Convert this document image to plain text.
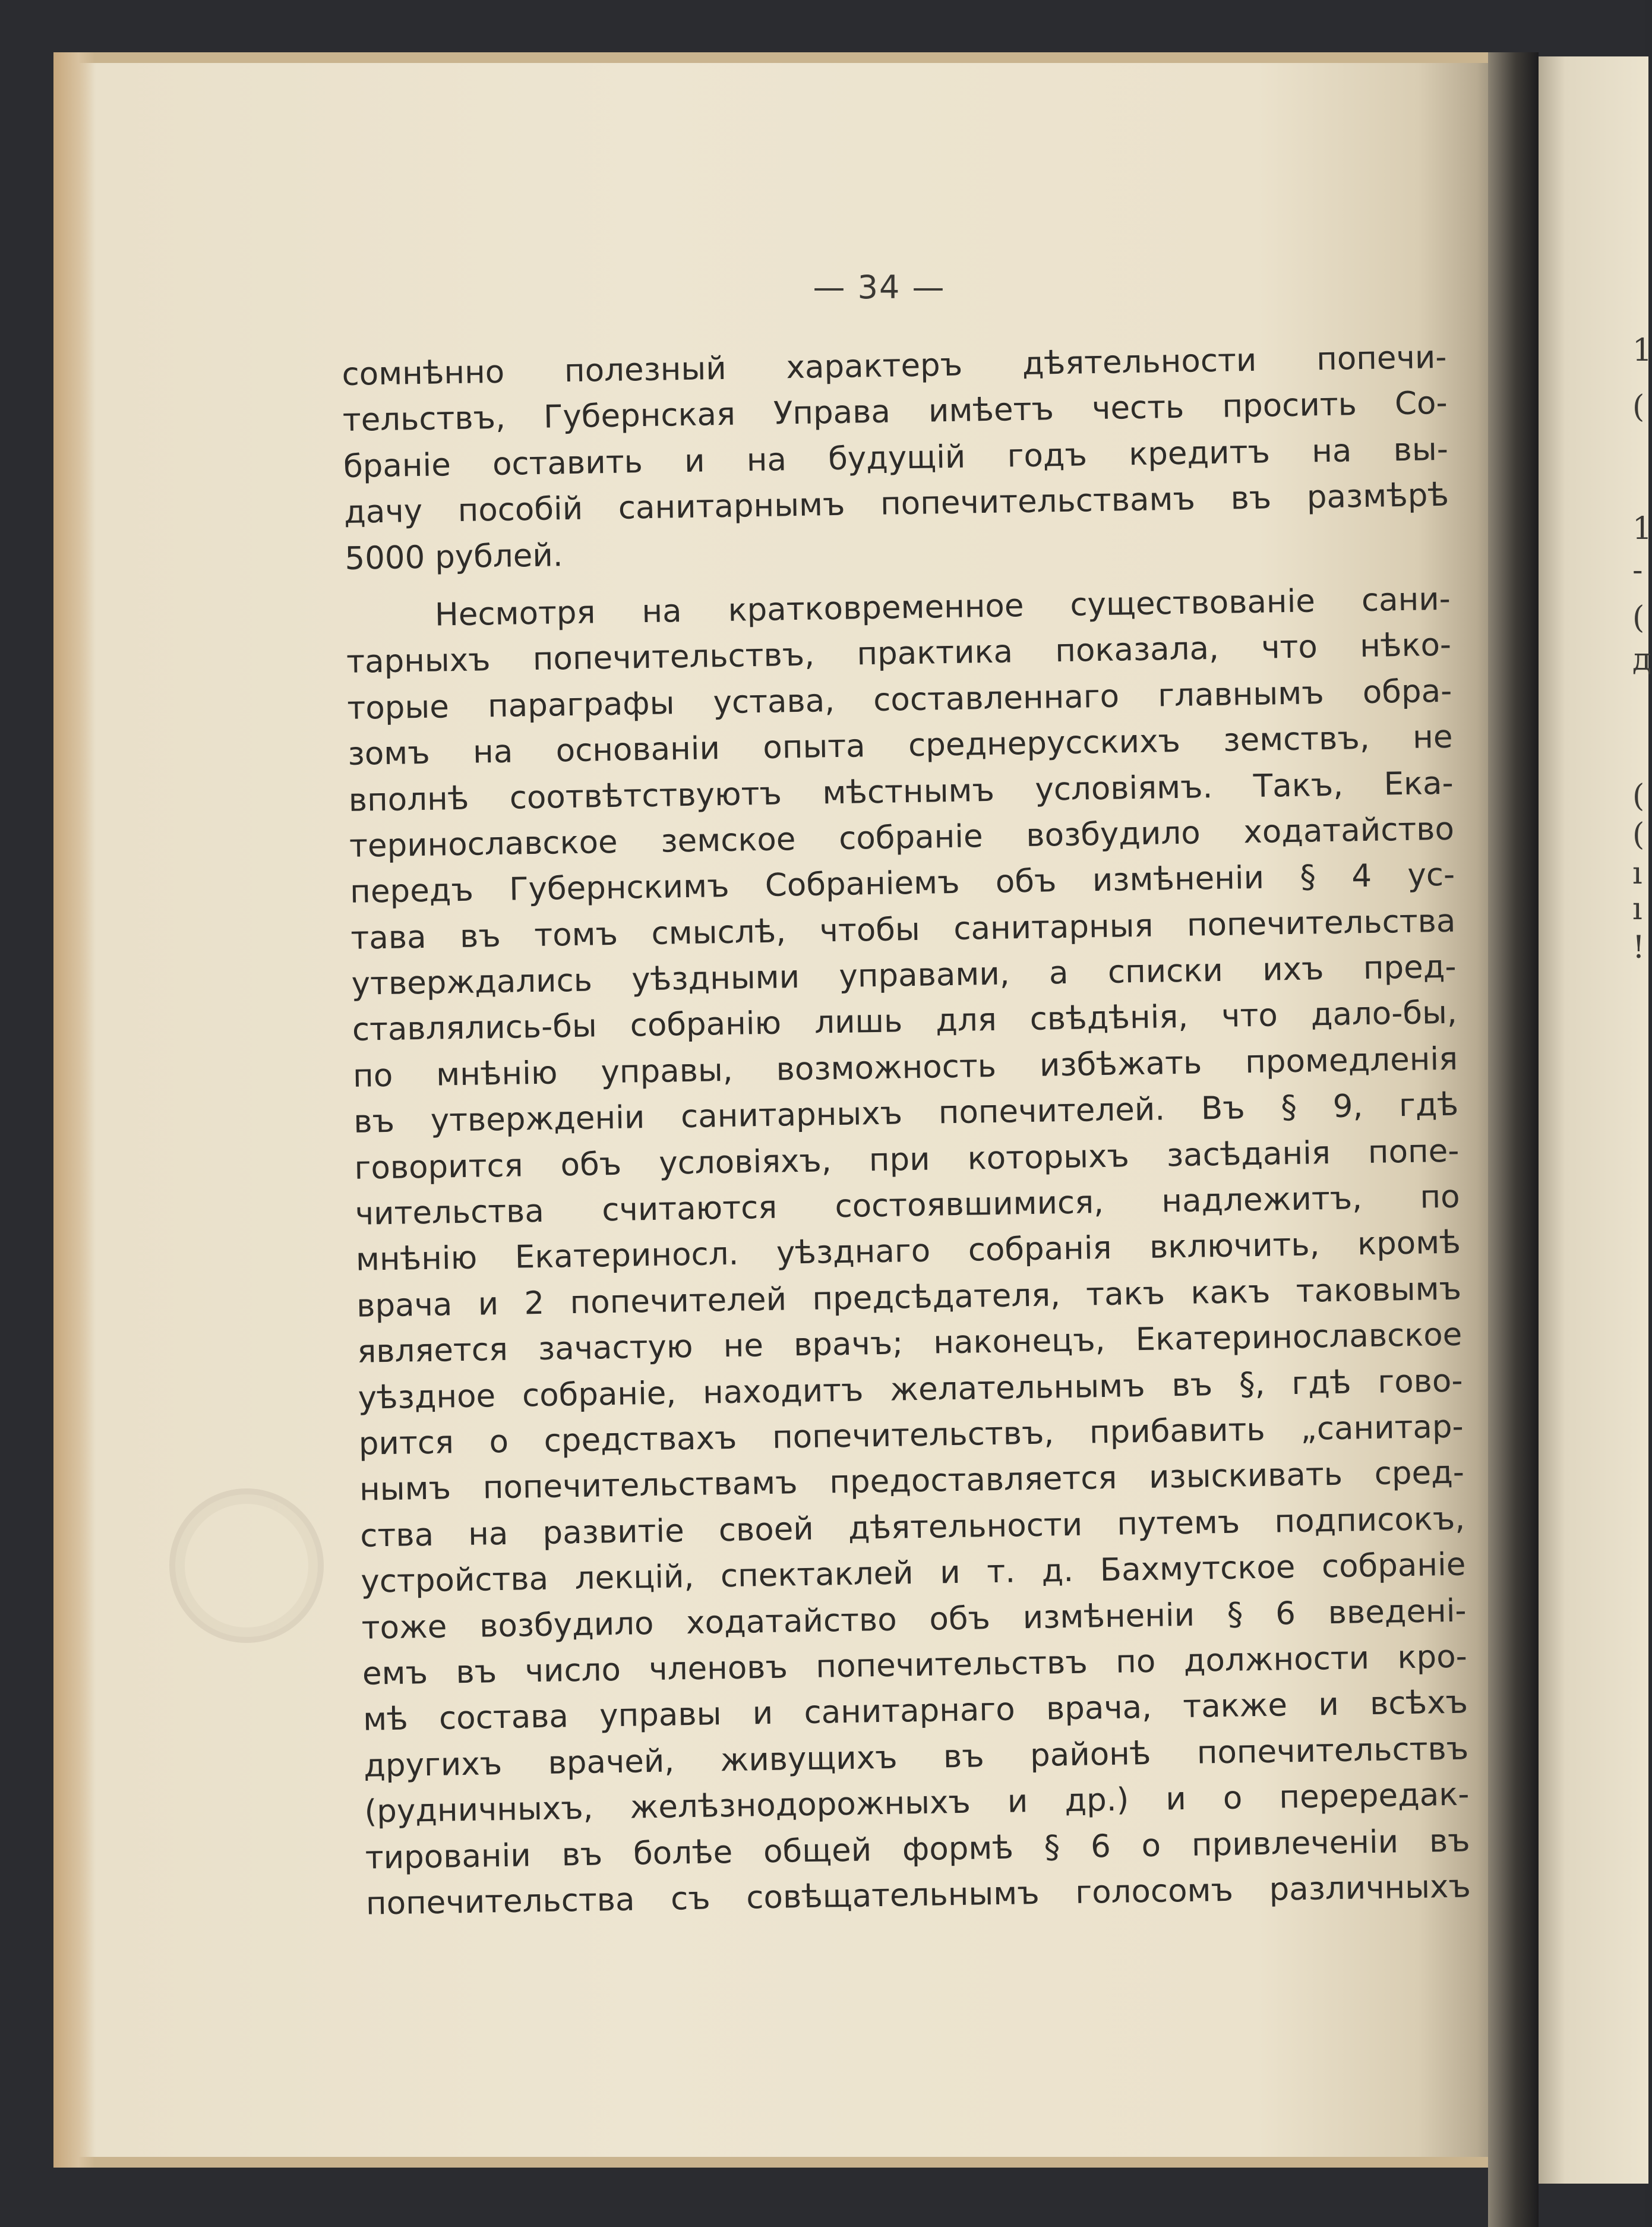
1
(
1
-
(
д
(
(
ı
ı
!
— 34 —
сомнѣнно полезный характеръ дѣятельности попечи-
тельствъ, Губернская Управа имѣетъ честь просить Со-
браніе оставить и на будущій годъ кредитъ на вы-
дачу пособій санитарнымъ попечительствамъ въ размѣрѣ
5000 рублей.
Несмотря на кратковременное существованіе сани-
тарныхъ попечительствъ, практика показала, что нѣко-
торые параграфы устава, составленнаго главнымъ обра-
зомъ на основаніи опыта среднерусскихъ земствъ, не
вполнѣ соотвѣтствуютъ мѣстнымъ условіямъ. Такъ, Ека-
теринославское земское собраніе возбудило ходатайство
передъ Губернскимъ Собраніемъ объ измѣненіи § 4 ус-
тава въ томъ смыслѣ, чтобы санитарныя попечительства
утверждались уѣздными управами, а списки ихъ пред-
ставлялись-бы собранію лишь для свѣдѣнія, что дало-бы,
по мнѣнію управы, возможность избѣжать промедленія
въ утвержденіи санитарныхъ попечителей. Въ § 9, гдѣ
говорится объ условіяхъ, при которыхъ засѣданія попе-
чительства считаются состоявшимися, надлежитъ, по
мнѣнію Екатериносл. уѣзднаго собранія включить, кромѣ
врача и 2 попечителей предсѣдателя, такъ какъ таковымъ
является зачастую не врачъ; наконецъ, Екатеринославское
уѣздное собраніе, находитъ желательнымъ въ §, гдѣ гово-
рится о средствахъ попечительствъ, прибавить „санитар-
нымъ попечительствамъ предоставляется изыскивать сред-
ства на развитіе своей дѣятельности путемъ подписокъ,
устройства лекцій, спектаклей и т. д. Бахмутское собраніе
тоже возбудило ходатайство объ измѣненіи § 6 введені-
емъ въ число членовъ попечительствъ по должности кро-
мѣ состава управы и санитарнаго врача, также и всѣхъ
другихъ врачей, живущихъ въ районѣ попечительствъ
(рудничныхъ, желѣзнодорожныхъ и др.) и о перередак-
тированіи въ болѣе общей формѣ § 6 о привлеченіи въ
попечительства съ совѣщательнымъ голосомъ различныхъ
